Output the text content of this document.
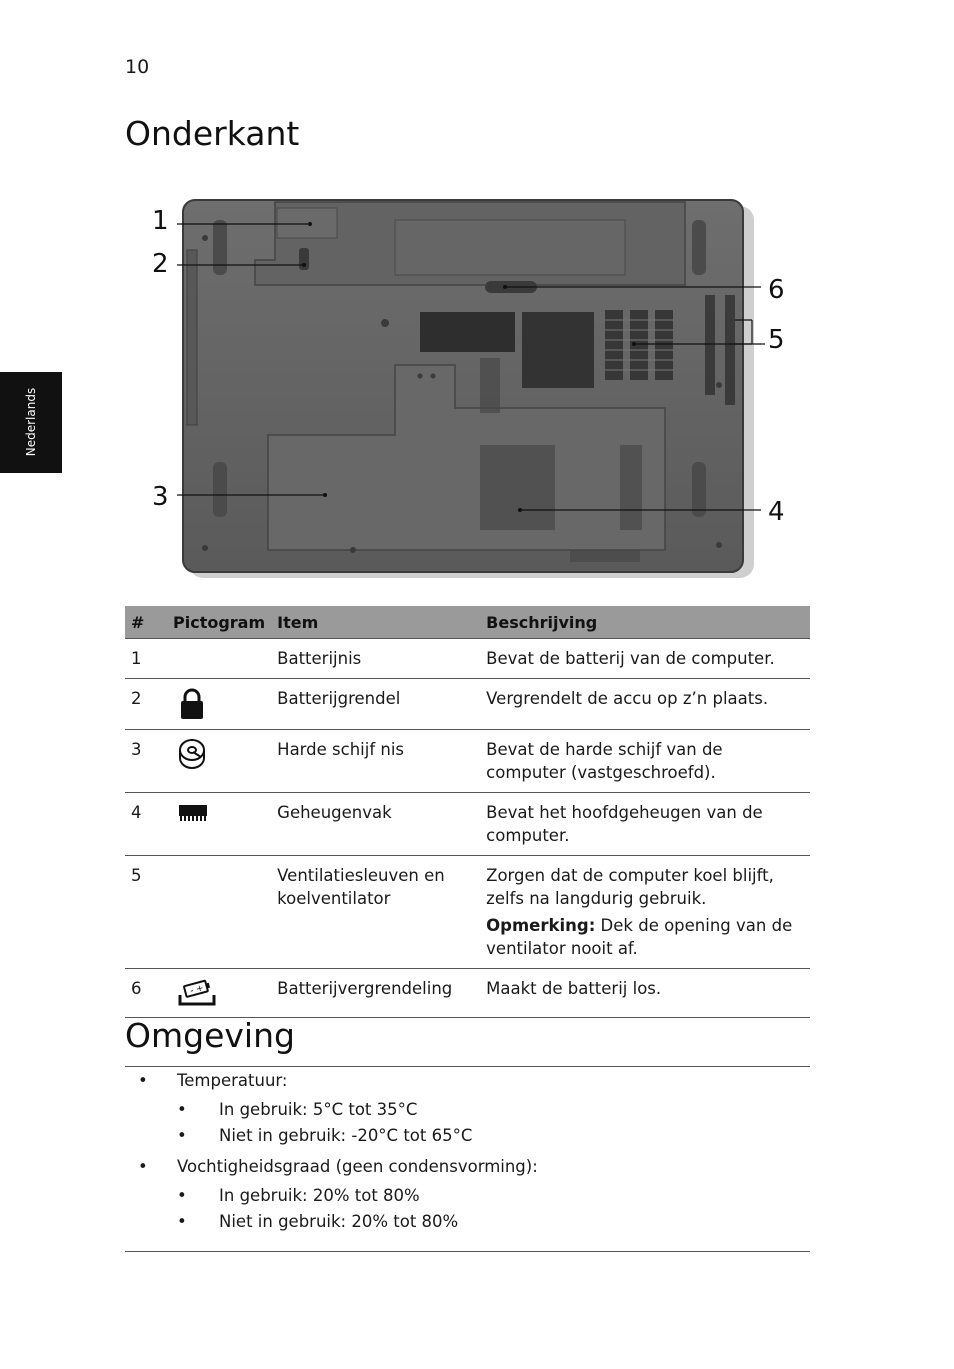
10
Nederlands
Onderkant
1
2
3	4
5
6
#	Pictogram	Item	Beschrijving
1		Batterijnis	Bevat de batterij van de computer.
2		Batterijgrendel	Vergrendelt de accu op z’n plaats.
3		Harde schijf nis	Bevat de harde schijf van de computer (vastgeschroefd).
4		Geheugenvak	Bevat het hoofdgeheugen van de computer.
5		Ventilatiesleuven en koelventilator	Zorgen dat de computer koel blijft, zelfs na langdurig gebruik.
Opmerking: Dek de opening van de ventilator nooit af.

6	- +	Batterijvergrendeling	Maakt de batterij los.
Omgeving
• Temperatuur:
• In gebruik: 5°C tot 35°C
• Niet in gebruik: -20°C tot 65°C
• Vochtigheidsgraad (geen condensvorming):
• In gebruik: 20% tot 80%
• Niet in gebruik: 20% tot 80%
